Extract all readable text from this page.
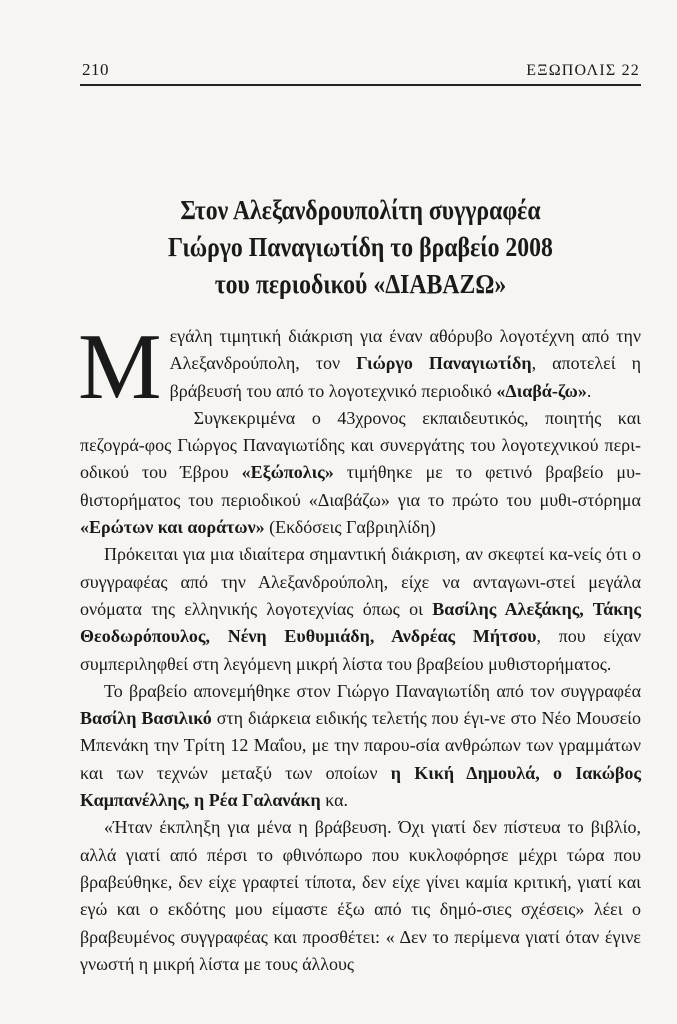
210	ΕΞΩΠΟΛΙΣ 22
Στον Αλεξανδρουπολίτη συγγραφέα
Γιώργο Παναγιωτίδη το βραβείο 2008
του περιοδικού «ΔΙΑΒΑΖΩ»

Μεγάλη τιμητική διάκριση για έναν αθόρυβο λογοτέχνη από την Αλεξανδρούπολη, τον Γιώργο Παναγιωτίδη, αποτελεί η βράβευσή του από το λογοτεχνικό περιοδικό «Διαβά-ζω».

Συγκεκριμένα ο 43χρονος εκπαιδευτικός, ποιητής και πεζογρά-φος Γιώργος Παναγιωτίδης και συνεργάτης του λογοτεχνικού περι-οδικού του Έβρου «Εξώπολις» τιμήθηκε με το φετινό βραβείο μυ-θιστορήματος του περιοδικού «Διαβάζω» για το πρώτο του μυθι-στόρημα «Ερώτων και αοράτων» (Εκδόσεις Γαβριηλίδη)

Πρόκειται για μια ιδιαίτερα σημαντική διάκριση, αν σκεφτεί κα-νείς ότι ο συγγραφέας από την Αλεξανδρούπολη, είχε να ανταγωνι-στεί μεγάλα ονόματα της ελληνικής λογοτεχνίας όπως οι Βασίλης Αλεξάκης, Τάκης Θεοδωρόπουλος, Νένη Ευθυμιάδη, Ανδρέας Μήτσου, που είχαν συμπεριληφθεί στη λεγόμενη μικρή λίστα του βραβείου μυθιστορήματος.

Το βραβείο απονεμήθηκε στον Γιώργο Παναγιωτίδη από τον συγγραφέα Βασίλη Βασιλικό στη διάρκεια ειδικής τελετής που έγι-νε στο Νέο Μουσείο Μπενάκη την Τρίτη 12 Μαΐου, με την παρου-σία ανθρώπων των γραμμάτων και των τεχνών μεταξύ των οποίων η Κική Δημουλά, ο Ιακώβος Καμπανέλλης, η Ρέα Γαλανάκη κα.

«Ήταν έκπληξη για μένα η βράβευση. Όχι γιατί δεν πίστευα το βιβλίο, αλλά γιατί από πέρσι το φθινόπωρο που κυκλοφόρησε μέχρι τώρα που βραβεύθηκε, δεν είχε γραφτεί τίποτα, δεν είχε γίνει καμία κριτική, γιατί και εγώ και ο εκδότης μου είμαστε έξω από τις δημό-σιες σχέσεις» λέει ο βραβευμένος συγγραφέας και προσθέτει: « Δεν το περίμενα γιατί όταν έγινε γνωστή η μικρή λίστα με τους άλλους
